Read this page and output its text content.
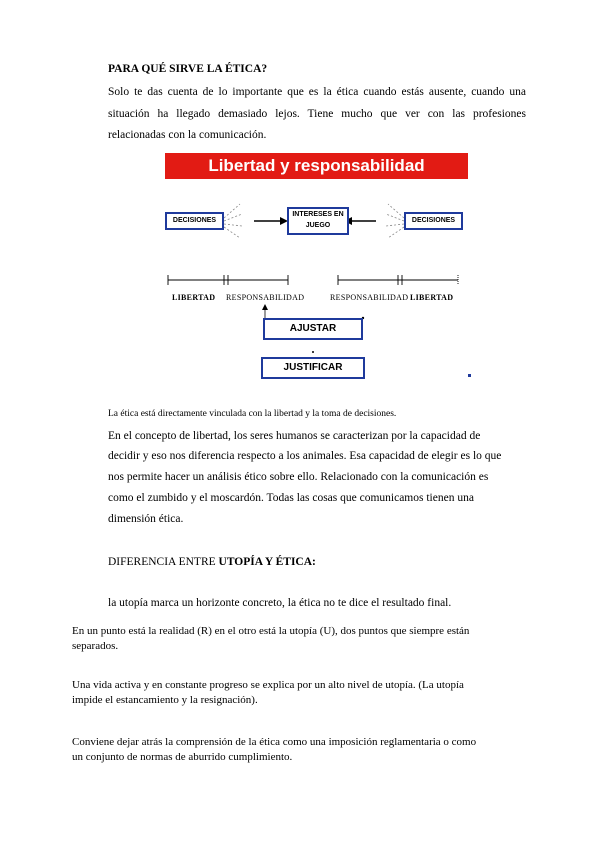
PARA QUÉ SIRVE LA ÉTICA?
Solo te das cuenta de lo importante que es la ética cuando estás ausente, cuando una
situación ha llegado demasiado lejos. Tiene mucho que ver con las profesiones
relacionadas con la comunicación.
Libertad y responsabilidad
DECISIONES
INTERESES EN
JUEGO
DECISIONES
LIBERTAD RESPONSABILIDAD	RESPONSABILIDAD LIBERTAD
AJUSTAR
JUSTIFICAR
La ética está directamente vinculada con la libertad y la toma de decisiones.
En el concepto de libertad, los seres humanos se caracterizan por la capacidad de
decidir y eso nos diferencia respecto a los animales. Esa capacidad de elegir es lo que
nos permite hacer un análisis ético sobre ello. Relacionado con la comunicación es
como el zumbido y el moscardón. Todas las cosas que comunicamos tienen una
dimensión ética.
DIFERENCIA ENTRE UTOPÍA Y ÉTICA:
la utopía marca un horizonte concreto, la ética no te dice el resultado final.
En un punto está la realidad (R) en el otro está la utopía (U), dos puntos que siempre están
separados.
Una vida activa y en constante progreso se explica por un alto nivel de utopía. (La utopía
impide el estancamiento y la resignación).
Conviene dejar atrás la comprensión de la ética como una imposición reglamentaria o como
un conjunto de normas de aburrido cumplimiento.
